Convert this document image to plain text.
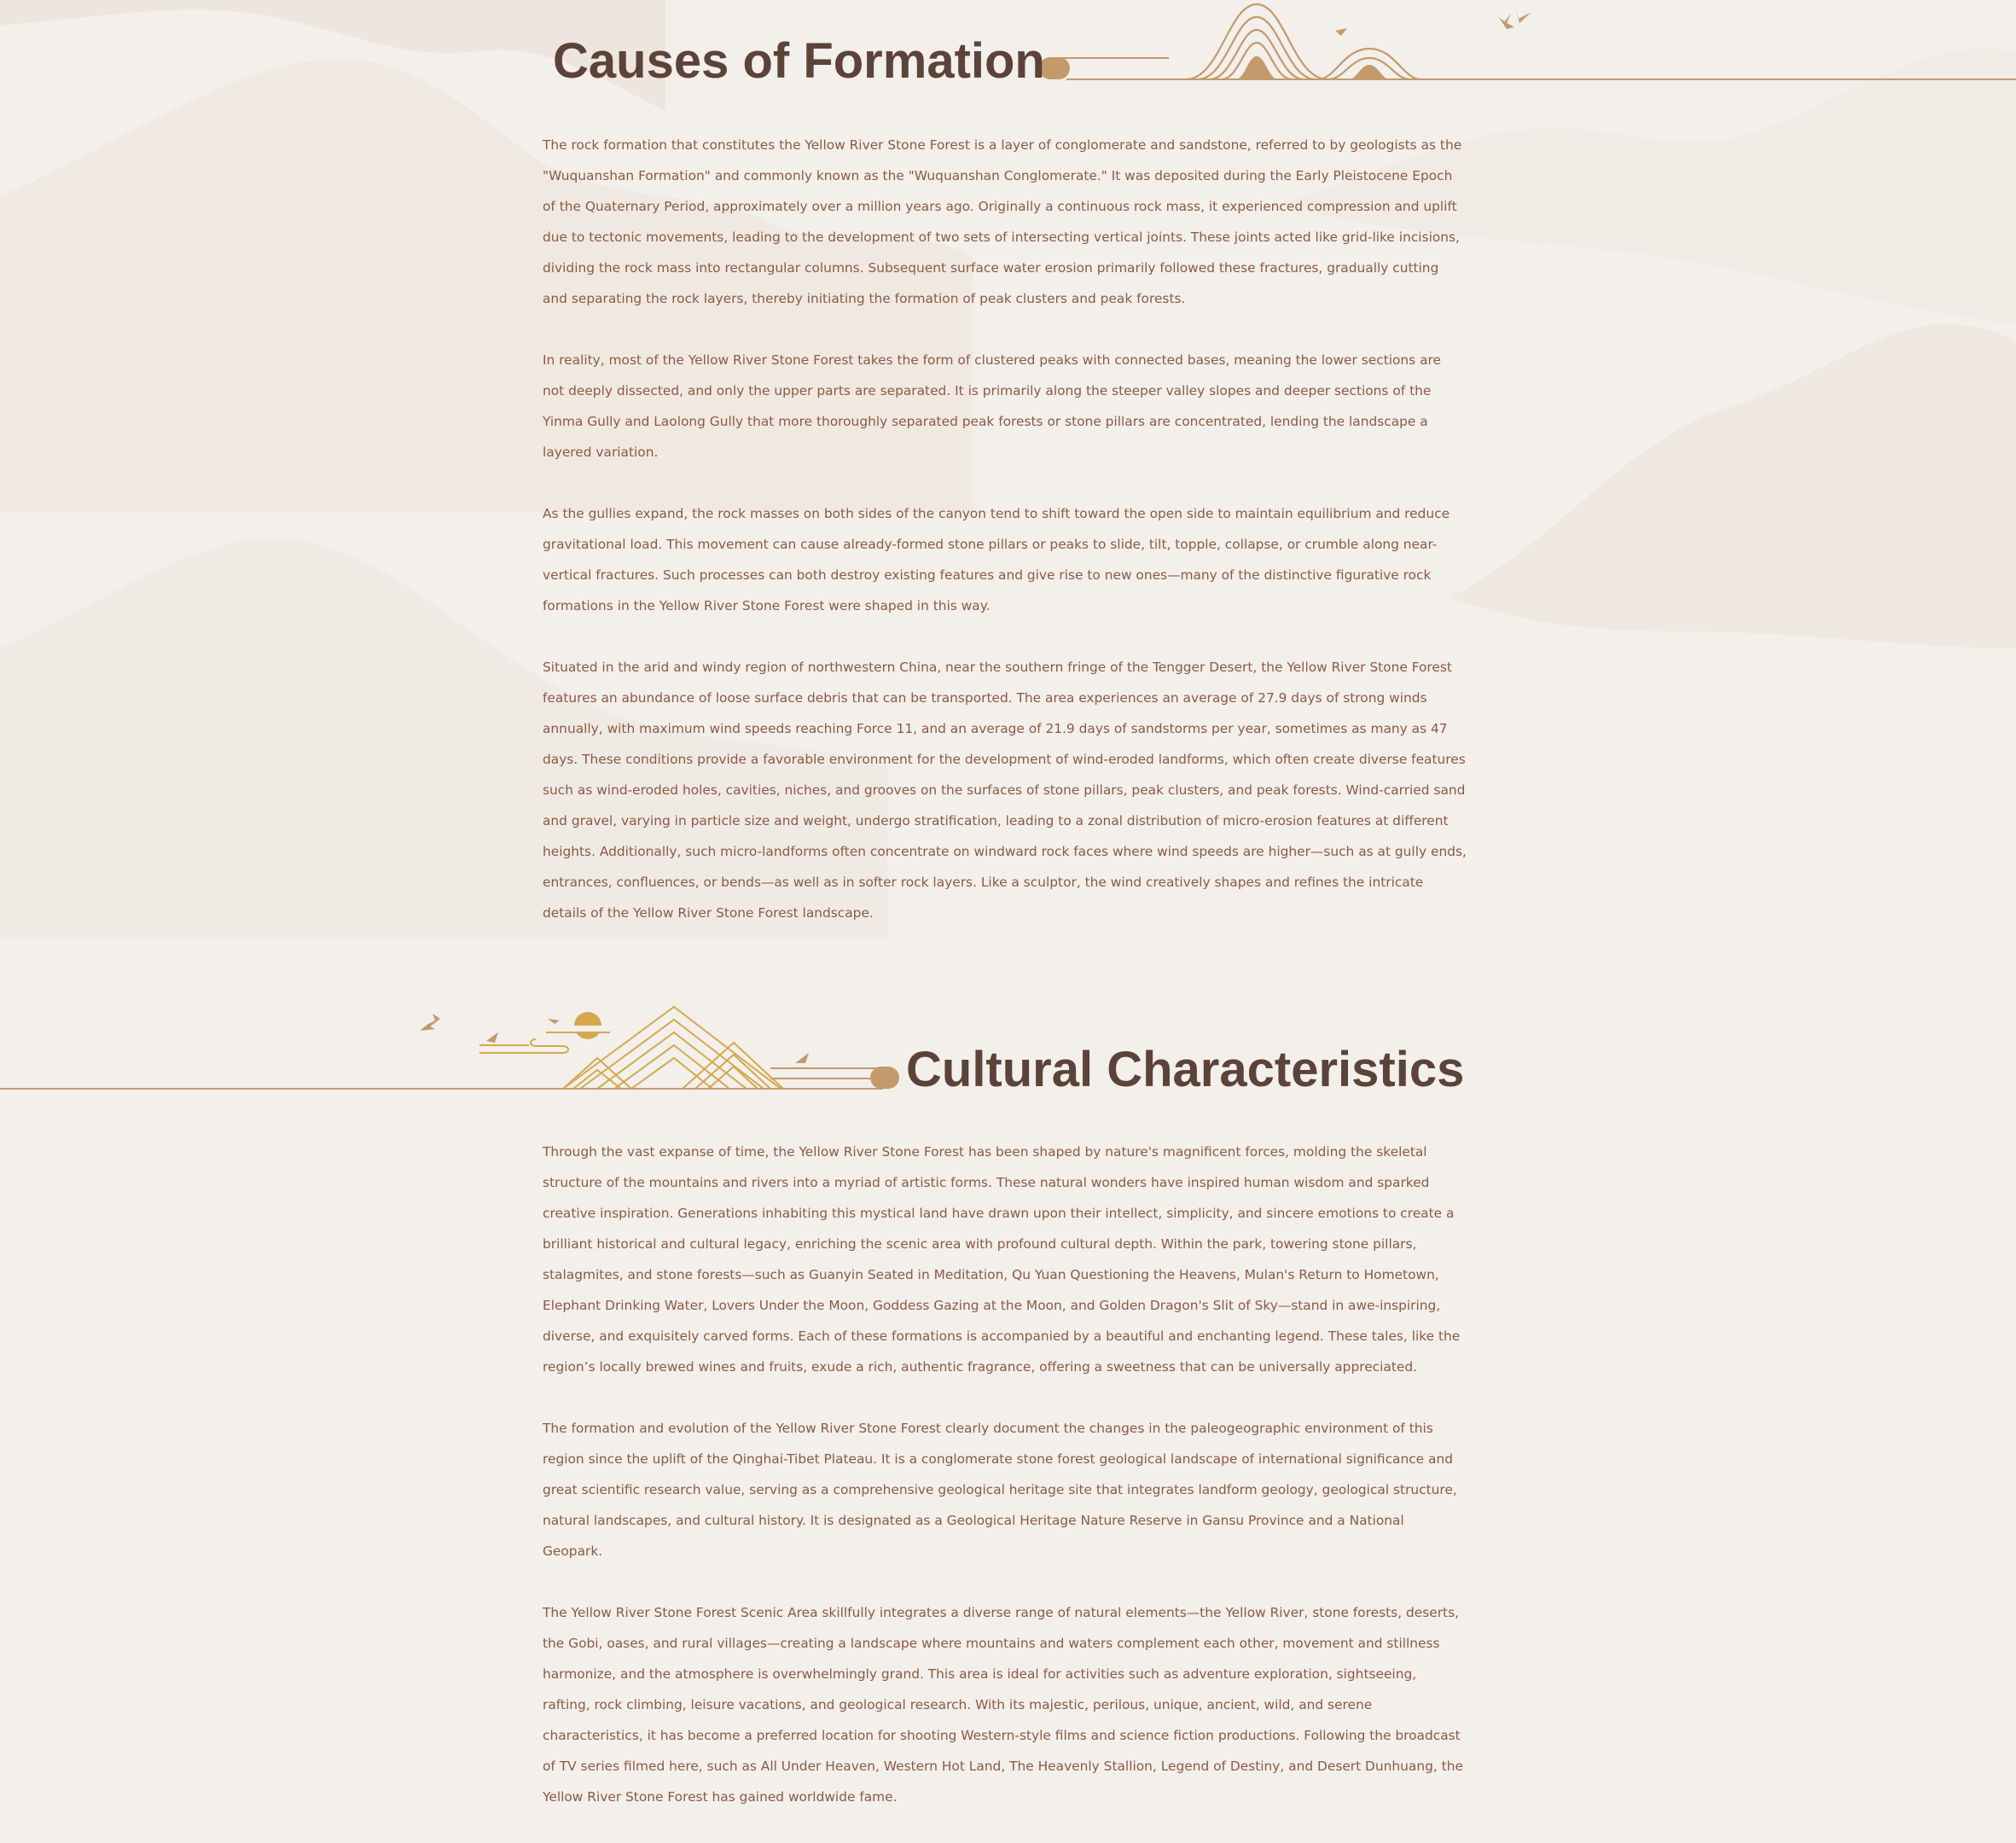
Causes of Formation

The rock formation that constitutes the Yellow River Stone Forest is a layer of conglomerate and sandstone, referred to by geologists as the "Wuquanshan Formation" and commonly known as the "Wuquanshan Conglomerate." It was deposited during the Early Pleistocene Epoch of the Quaternary Period, approximately over a million years ago. Originally a continuous rock mass, it experienced compression and uplift due to tectonic movements, leading to the development of two sets of intersecting vertical joints. These joints acted like grid-like incisions, dividing the rock mass into rectangular columns. Subsequent surface water erosion primarily followed these fractures, gradually cutting and separating the rock layers, thereby initiating the formation of peak clusters and peak forests.

In reality, most of the Yellow River Stone Forest takes the form of clustered peaks with connected bases, meaning the lower sections are not deeply dissected, and only the upper parts are separated. It is primarily along the steeper valley slopes and deeper sections of the Yinma Gully and Laolong Gully that more thoroughly separated peak forests or stone pillars are concentrated, lending the landscape a layered variation.

As the gullies expand, the rock masses on both sides of the canyon tend to shift toward the open side to maintain equilibrium and reduce gravitational load. This movement can cause already-formed stone pillars or peaks to slide, tilt, topple, collapse, or crumble along near-vertical fractures. Such processes can both destroy existing features and give rise to new ones—many of the distinctive figurative rock formations in the Yellow River Stone Forest were shaped in this way.

Situated in the arid and windy region of northwestern China, near the southern fringe of the Tengger Desert, the Yellow River Stone Forest features an abundance of loose surface debris that can be transported. The area experiences an average of 27.9 days of strong winds annually, with maximum wind speeds reaching Force 11, and an average of 21.9 days of sandstorms per year, sometimes as many as 47 days. These conditions provide a favorable environment for the development of wind-eroded landforms, which often create diverse features such as wind-eroded holes, cavities, niches, and grooves on the surfaces of stone pillars, peak clusters, and peak forests. Wind-carried sand and gravel, varying in particle size and weight, undergo stratification, leading to a zonal distribution of micro-erosion features at different heights. Additionally, such micro-landforms often concentrate on windward rock faces where wind speeds are higher—such as at gully ends, entrances, confluences, or bends—as well as in softer rock layers. Like a sculptor, the wind creatively shapes and refines the intricate details of the Yellow River Stone Forest landscape.

Cultural Characteristics

Through the vast expanse of time, the Yellow River Stone Forest has been shaped by nature's magnificent forces, molding the skeletal structure of the mountains and rivers into a myriad of artistic forms. These natural wonders have inspired human wisdom and sparked creative inspiration. Generations inhabiting this mystical land have drawn upon their intellect, simplicity, and sincere emotions to create a brilliant historical and cultural legacy, enriching the scenic area with profound cultural depth. Within the park, towering stone pillars, stalagmites, and stone forests—such as Guanyin Seated in Meditation, Qu Yuan Questioning the Heavens, Mulan's Return to Hometown, Elephant Drinking Water, Lovers Under the Moon, Goddess Gazing at the Moon, and Golden Dragon's Slit of Sky—stand in awe-inspiring, diverse, and exquisitely carved forms. Each of these formations is accompanied by a beautiful and enchanting legend. These tales, like the region’s locally brewed wines and fruits, exude a rich, authentic fragrance, offering a sweetness that can be universally appreciated.

The formation and evolution of the Yellow River Stone Forest clearly document the changes in the paleogeographic environment of this region since the uplift of the Qinghai-Tibet Plateau. It is a conglomerate stone forest geological landscape of international significance and great scientific research value, serving as a comprehensive geological heritage site that integrates landform geology, geological structure, natural landscapes, and cultural history. It is designated as a Geological Heritage Nature Reserve in Gansu Province and a National Geopark.

The Yellow River Stone Forest Scenic Area skillfully integrates a diverse range of natural elements—the Yellow River, stone forests, deserts, the Gobi, oases, and rural villages—creating a landscape where mountains and waters complement each other, movement and stillness harmonize, and the atmosphere is overwhelmingly grand. This area is ideal for activities such as adventure exploration, sightseeing, rafting, rock climbing, leisure vacations, and geological research. With its majestic, perilous, unique, ancient, wild, and serene characteristics, it has become a preferred location for shooting Western-style films and science fiction productions. Following the broadcast of TV series filmed here, such as All Under Heaven, Western Hot Land, The Heavenly Stallion, Legend of Destiny, and Desert Dunhuang, the Yellow River Stone Forest has gained worldwide fame.
